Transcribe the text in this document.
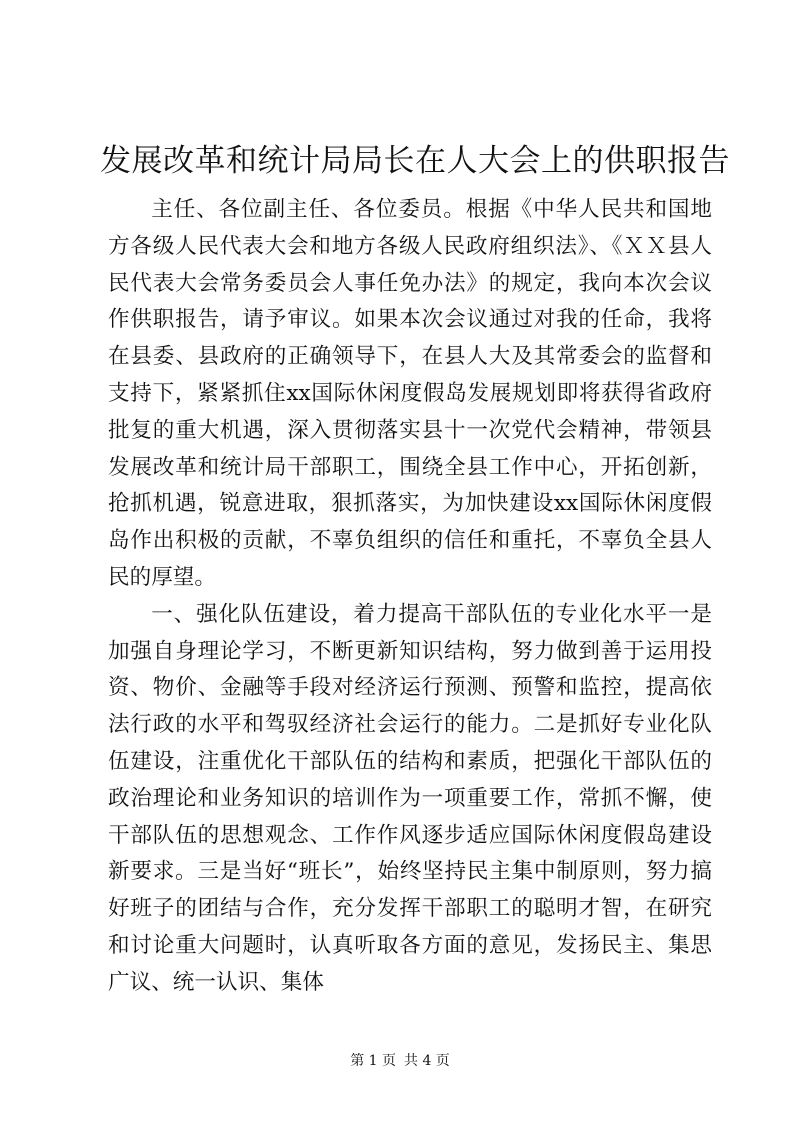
发展改革和统计局局长在人大会上的供职报告

主任、各位副主任、各位委员。根据《中华人民共和国地方各级人民代表大会和地方各级人民政府组织法》、《ＸＸ县人民代表大会常务委员会人事任免办法》的规定，我向本次会议作供职报告，请予审议。如果本次会议通过对我的任命，我将在县委、县政府的正确领导下，在县人大及其常委会的监督和支持下，紧紧抓住xx国际休闲度假岛发展规划即将获得省政府批复的重大机遇，深入贯彻落实县十一次党代会精神，带领县发展改革和统计局干部职工，围绕全县工作中心，开拓创新，抢抓机遇，锐意进取，狠抓落实，为加快建设xx国际休闲度假岛作出积极的贡献，不辜负组织的信任和重托，不辜负全县人民的厚望。

一、强化队伍建设，着力提高干部队伍的专业化水平一是加强自身理论学习，不断更新知识结构，努力做到善于运用投资、物价、金融等手段对经济运行预测、预警和监控，提高依法行政的水平和驾驭经济社会运行的能力。二是抓好专业化队伍建设，注重优化干部队伍的结构和素质，把强化干部队伍的政治理论和业务知识的培训作为一项重要工作，常抓不懈，使干部队伍的思想观念、工作作风逐步适应国际休闲度假岛建设新要求。三是当好“班长”，始终坚持民主集中制原则，努力搞好班子的团结与合作，充分发挥干部职工的聪明才智，在研究和讨论重大问题时，认真听取各方面的意见，发扬民主、集思广议、统一认识、集体

第 1 页 共 4 页
